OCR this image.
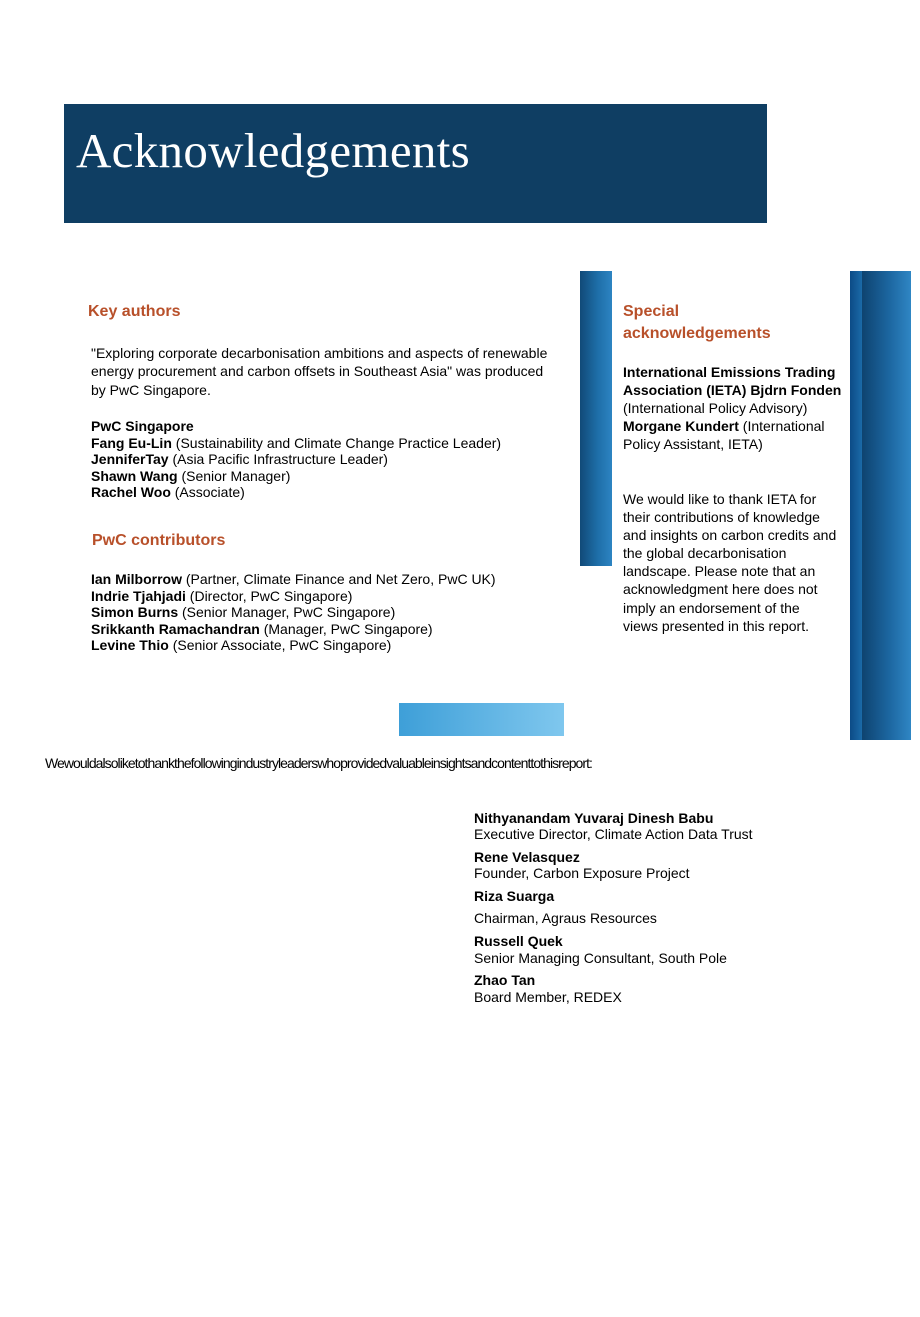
Acknowledgements
Key authors
"Exploring corporate decarbonisation ambitions and aspects of renewable energy procurement and carbon offsets in Southeast Asia" was produced by PwC Singapore.
PwC Singapore
Fang Eu-Lin (Sustainability and Climate Change Practice Leader)
JenniferTay (Asia Pacific Infrastructure Leader)
Shawn Wang (Senior Manager)
Rachel Woo (Associate)
PwC contributors
Ian Milborrow (Partner, Climate Finance and Net Zero, PwC UK)
Indrie Tjahjadi (Director, PwC Singapore)
Simon Burns (Senior Manager, PwC Singapore)
Srikkanth Ramachandran (Manager, PwC Singapore)
Levine Thio (Senior Associate, PwC Singapore)
Special acknowledgements
International Emissions Trading Association (IETA) Bjdrn Fonden (International Policy Advisory) Morgane Kundert (International Policy Assistant, IETA)
We would like to thank IETA for their contributions of knowledge and insights on carbon credits and the global decarbonisation landscape. Please note that an acknowledgment here does not imply an endorsement of the views presented in this report.
Wewouldalsoliketothankthefollowingindustryleaderswhoprovidedvaluableinsightsandcontenttothisreport:
Nithyanandam Yuvaraj Dinesh Babu
Executive Director, Climate Action Data Trust
Rene Velasquez
Founder, Carbon Exposure Project
Riza Suarga
Chairman, Agraus Resources
Russell Quek
Senior Managing Consultant, South Pole
Zhao Tan
Board Member, REDEX
